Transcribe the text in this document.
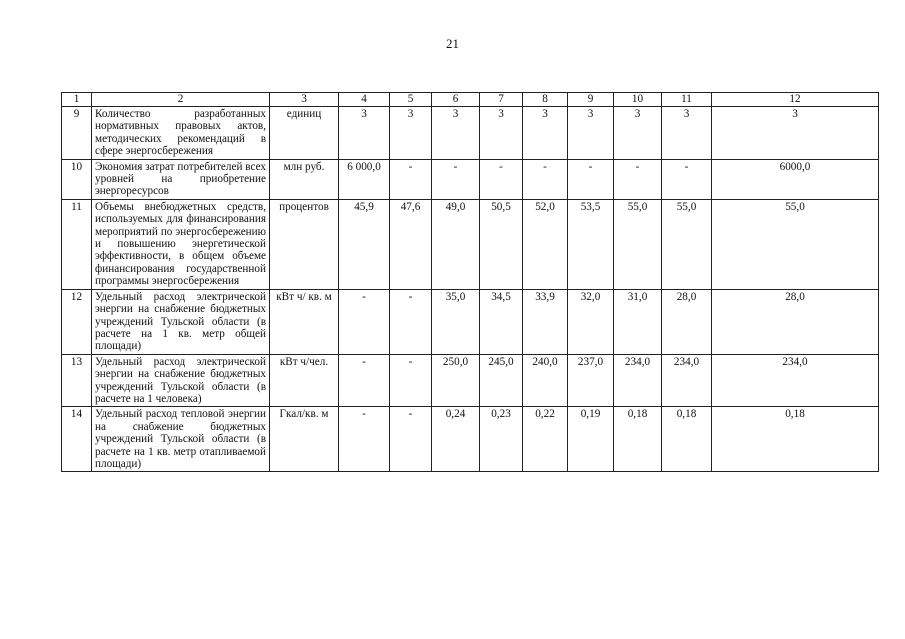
21
1	2	3	4	5	6	7	8	9	10	11	12
9	Количество разработанных нормативных правовых актов, методических рекомендаций в сфере энергосбережения	единиц	3	3	3	3	3	3	3	3	3
10	Экономия затрат потребителей всех уровней на приобретение энергоресурсов	млн руб.	6 000,0	-	-	-	-	-	-	-	6000,0
11	Объемы внебюджетных средств, используемых для финансирования мероприятий по энергосбережению и повышению энергетической эффективности, в общем объеме финансирования государственной программы энергосбережения	процентов	45,9	47,6	49,0	50,5	52,0	53,5	55,0	55,0	55,0
12	Удельный расход электрической энергии на снабжение бюджетных учреждений Тульской области (в расчете на 1 кв. метр общей площади)	кВт ч/ кв. м	-	-	35,0	34,5	33,9	32,0	31,0	28,0	28,0
13	Удельный расход электрической энергии на снабжение бюджетных учреждений Тульской области (в расчете на 1 человека)	кВт ч/чел.	-	-	250,0	245,0	240,0	237,0	234,0	234,0	234,0
14	Удельный расход тепловой энергии на снабжение бюджетных учреждений Тульской области (в расчете на 1 кв. метр отапливаемой площади)	Гкал/кв. м	-	-	0,24	0,23	0,22	0,19	0,18	0,18	0,18
